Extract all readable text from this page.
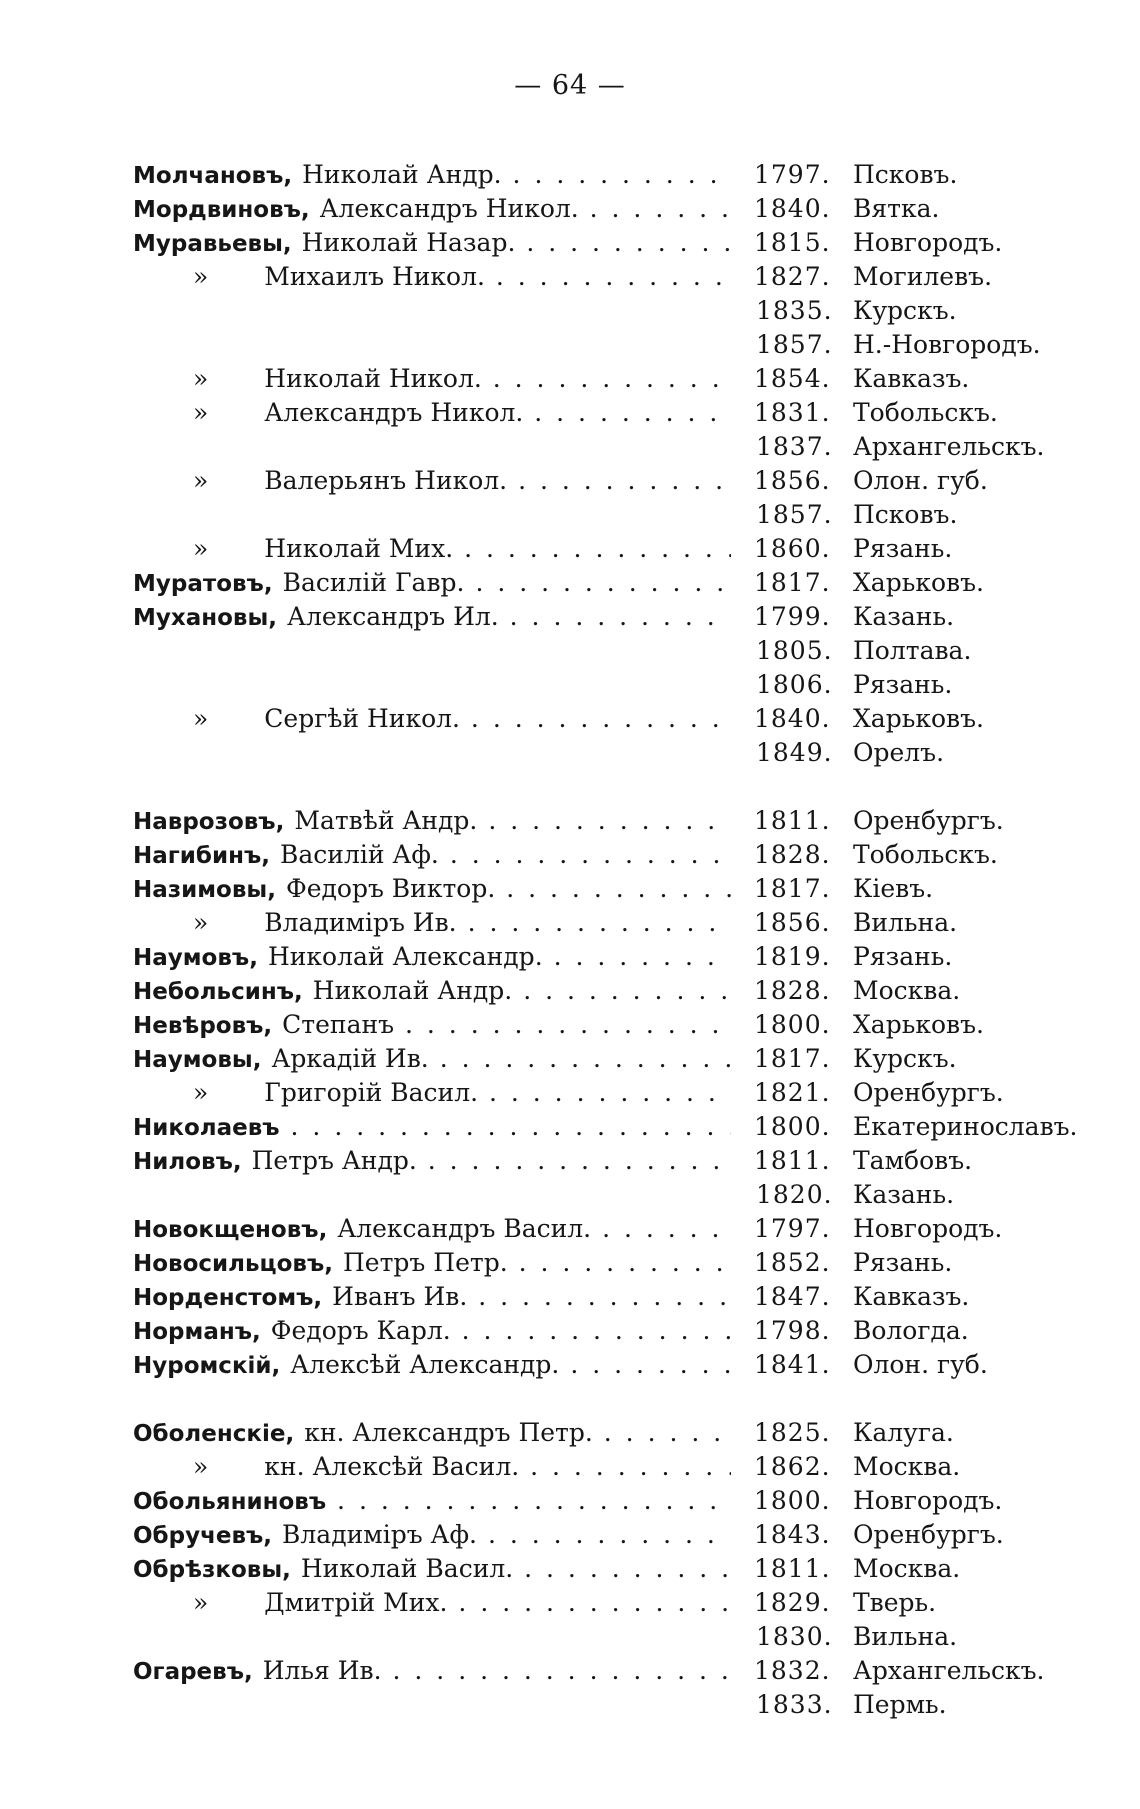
— 64 —
Молчановъ, Николай Андр. . . .	1797. Псковъ.
Мордвиновъ, Александръ Никол. . . .	1840. Вятка.
Муравьевы, Николай Назар. . . .	1815. Новгородъ.
» Михаилъ Никол. . . .	1827. Могилевъ.
1835. Курскъ.
1857. Н.-Новгородъ.
» Николай Никол. . . .	1854. Кавказъ.
» Александръ Никол. . . .	1831. Тобольскъ.
1837. Архангельскъ.
» Валерьянъ Никол. . . .	1856. Олон. губ.
1857. Псковъ.
» Николай Мих. . . .	1860. Рязань.
Муратовъ, Василій Гавр. . . .	1817. Харьковъ.
Мухановы, Александръ Ил. . . .	1799. Казань.
1805. Полтава.
1806. Рязань.
» Сергѣй Никол. . . .	1840. Харьковъ.
1849. Орелъ.
Наврозовъ, Матвѣй Андр. . . .	1811. Оренбургъ.
Нагибинъ, Василій Аф. . . .	1828. Тобольскъ.
Назимовы, Федоръ Виктор. . . .	1817. Кіевъ.
» Владиміръ Ив. . . .	1856. Вильна.
Наумовъ, Николай Александр. . . .	1819. Рязань.
Небольсинъ, Николай Андр. . . .	1828. Москва.
Невѣровъ, Степанъ . . .	1800. Харьковъ.
Наумовы, Аркадій Ив. . . .	1817. Курскъ.
» Григорій Васил. . . .	1821. Оренбургъ.
Николаевъ . . .	1800. Екатеринославъ.
Ниловъ, Петръ Андр. . . .	1811. Тамбовъ.
1820. Казань.
Новокщеновъ, Александръ Васил. . . .	1797. Новгородъ.
Новосильцовъ, Петръ Петр. . . .	1852. Рязань.
Норденстомъ, Иванъ Ив. . . .	1847. Кавказъ.
Норманъ, Федоръ Карл. . . .	1798. Вологда.
Нуромскій, Алексѣй Александр. . . .	1841. Олон. губ.
Оболенскіе, кн. Александръ Петр. . . .	1825. Калуга.
» кн. Алексѣй Васил. . . .	1862. Москва.
Обольяниновъ . . .	1800. Новгородъ.
Обручевъ, Владиміръ Аф. . . .	1843. Оренбургъ.
Обрѣзковы, Николай Васил. . . .	1811. Москва.
» Дмитрій Мих. . . .	1829. Тверь.
1830. Вильна.
Огаревъ, Илья Ив. . . .	1832. Архангельскъ.
1833. Пермь.
